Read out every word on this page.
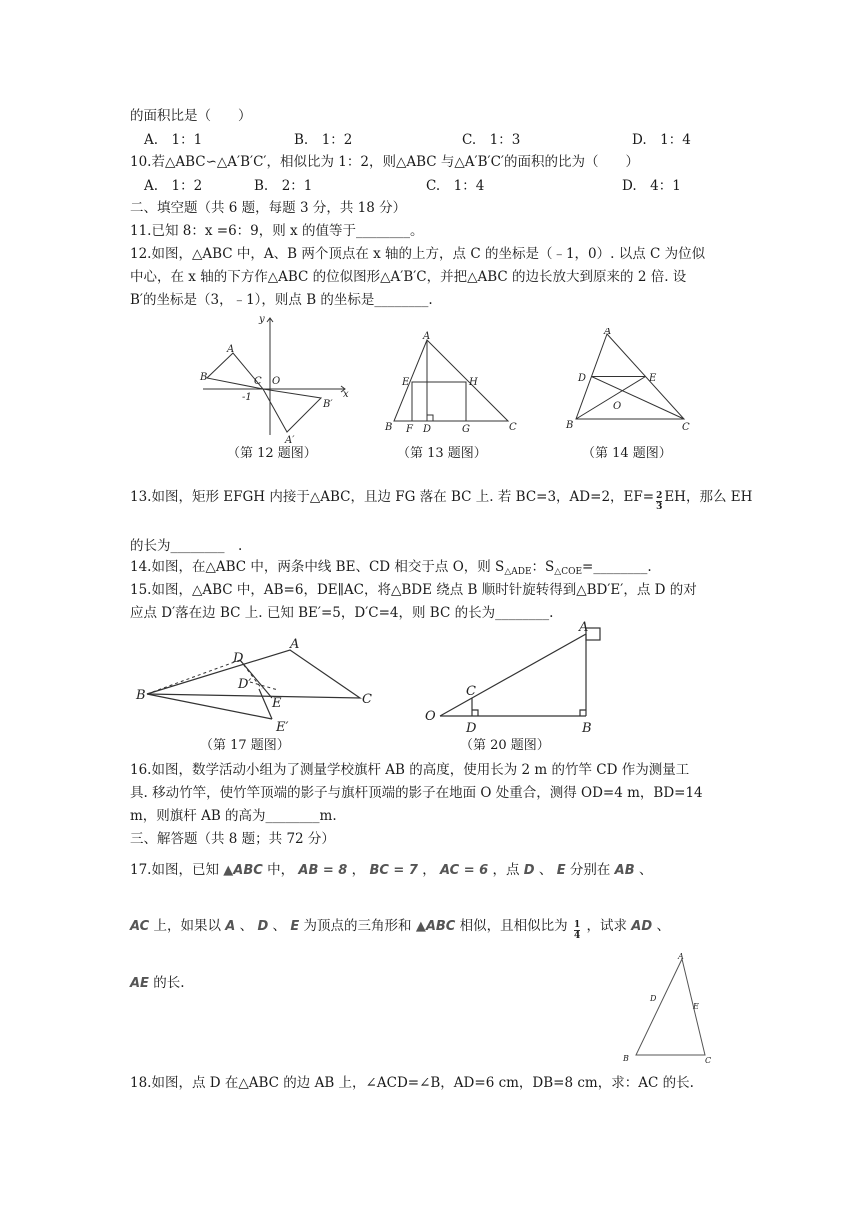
的面积比是（　　）
A.　1：1	B.　1：2	C.　1：3	D.　1：4
10.若△ABC∽△A′B′C′，相似比为 1：2，则△ABC 与△A′B′C′的面积的比为（　　）
A.　1：2	B.　2：1	C.　1：4	D.　4：1
二、填空题（共 6 题，每题 3 分，共 18 分）
11.已知 8：x =6：9，则 x 的值等于________。
12.如图，△ABC 中，A、B 两个顶点在 x 轴的上方，点 C 的坐标是（﹣1，0）. 以点 C 为位似
中心，在 x 轴的下方作△ABC 的位似图形△A′B′C，并把△ABC 的边长放大到原来的 2 倍. 设
B′的坐标是（3，﹣1），则点 B 的坐标是________.
y
x
A
B	C O
-1
B′
A′
（第 12 题图）
A
E	H
B F D	G	C
（第 13 题图）
A
D	E
O
B	C
（第 14 题图）
13.如图，矩形 EFGH 内接于△ABC，且边 FG 落在 BC 上. 若 BC=3，AD=2，$EF= \frac{2}{3}$ EH，那么 EH
的长为________　.
14.如图，在△ABC 中，两条中线 BE、CD 相交于点 O，则 $S_{\triangle ADE}$：$S_{\triangle COE}=\_\_\_\_\_\_\_\_$.
15.如图，△ABC 中，AB=6，DE∥AC，将△BDE 绕点 B 顺时针旋转得到△BD′E′，点 D 的对
应点 D′落在边 BC 上. 已知 BE′=5，D′C=4，则 BC 的长为________.
A
D
D′
E
B	C
E′
（第 17 题图）
A
C
O
D	B
（第 20 题图）
16.如图，数学活动小组为了测量学校旗杆 AB 的高度，使用长为 2 m 的竹竿 CD 作为测量工
具. 移动竹竿，使竹竿顶端的影子与旗杆顶端的影子在地面 O 处重合，测得 OD=4 m，BD=14
m，则旗杆 AB 的高为________m.
三、解答题（共 8 题；共 72 分）
17.如图，已知 ▲ABC 中， AB = 8 ， BC = 7 ， AC = 6 ，点 D 、 E 分别在 AB 、
AC 上，如果以 A 、 D 、 E 为顶点的三角形和 ▲ABC 相似，且相似比为 $\frac{1}{4}$ ，试求 AD 、
AE 的长.
A
D
E
B	C
18.如图，点 D 在△ABC 的边 AB 上，∠ACD=∠B，AD=6 cm，DB=8 cm，求：AC 的长.
